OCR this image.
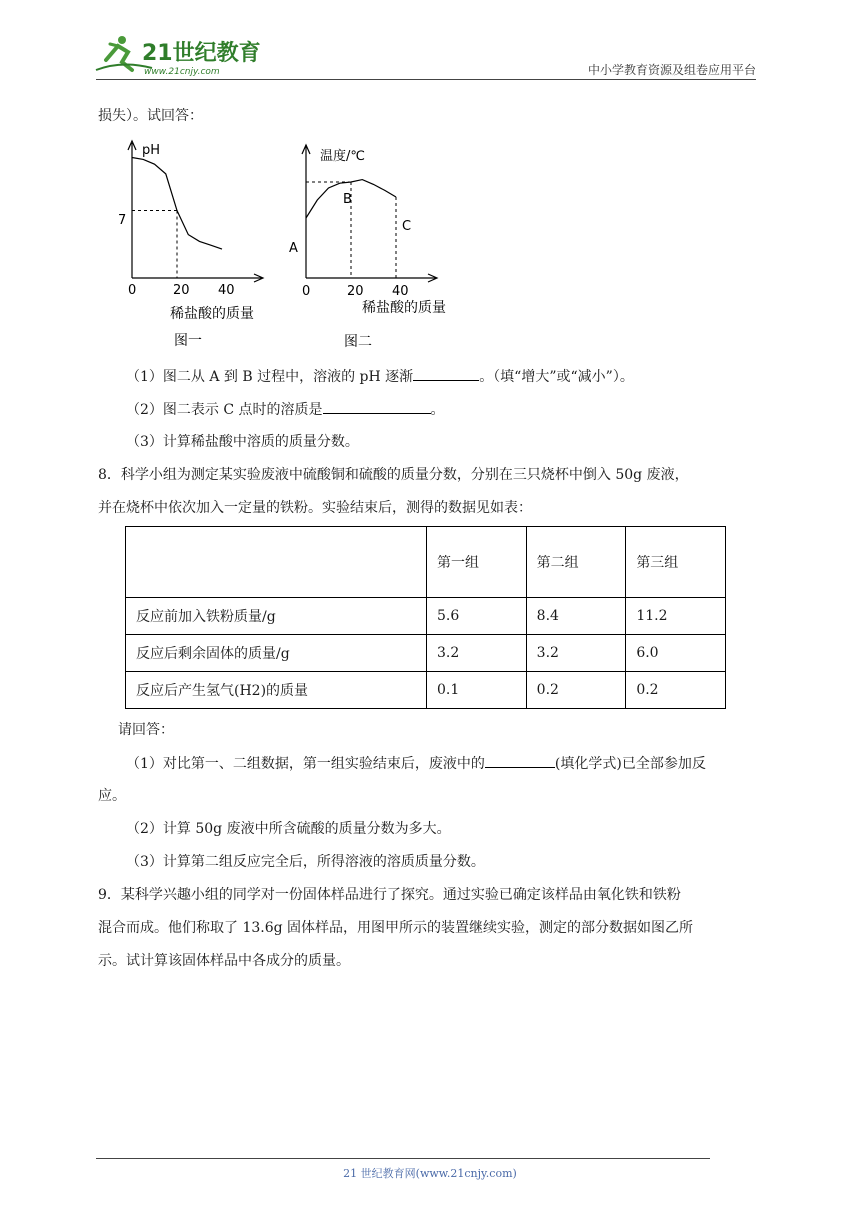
21世纪教育
www.21cnjy.com	中小学教育资源及组卷应用平台
损失）。试回答：
pH
7
0	20 40
稀盐酸的质量
图一
温度/℃
0	20 40
A
B
C
稀盐酸的质量
图二
（1）图二从 A 到 B 过程中，溶液的 pH 逐渐	。（填“增大”或“减小”）。
（2）图二表示 C 点时的溶质是	。
（3）计算稀盐酸中溶质的质量分数。
8．科学小组为测定某实验废液中硫酸铜和硫酸的质量分数，分别在三只烧杯中倒入 50g 废液，
并在烧杯中依次加入一定量的铁粉。实验结束后，测得的数据见如表：
	第一组	第二组	第三组
反应前加入铁粉质量/g	5.6	8.4	11.2
反应后剩余固体的质量/g	3.2	3.2	6.0
反应后产生氢气(H2)的质量	0.1	0.2	0.2
请回答：
（1）对比第一、二组数据，第一组实验结束后，废液中的	(填化学式)已全部参加反
应。
（2）计算 50g 废液中所含硫酸的质量分数为多大。
（3）计算第二组反应完全后，所得溶液的溶质质量分数。
9．某科学兴趣小组的同学对一份固体样品进行了探究。通过实验已确定该样品由氧化铁和铁粉
混合而成。他们称取了 13.6g 固体样品，用图甲所示的装置继续实验，测定的部分数据如图乙所
示。试计算该固体样品中各成分的质量。
21 世纪教育网(www.21cnjy.com)
